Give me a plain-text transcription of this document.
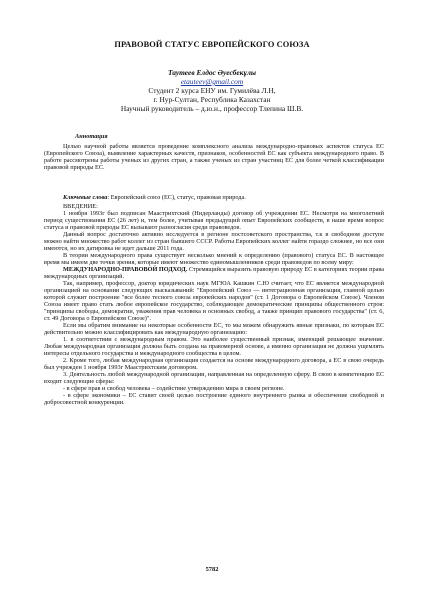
ПРАВОВОЙ СТАТУС ЕВРОПЕЙСКОГО СОЮЗА
Таутеев Елдос Әуесбекұлы
etauteev@gmail.com
Студент 2 курса ЕНУ им. Гумилёва Л.Н,
г. Нур-Султан, Республика Казахстан
Научный руководитель – д.ю.н., профессор Тлепина Ш.В.
Аннотация

Целью научной работы является проведение комплексного анализа международно-правовых аспектов статуса ЕС (Европейского Союза), выявление характерных качеств, признаков, особенностей ЕС как субъекта международного право. В работе рассмотрены работы ученых из других стран, а также ученых из стран участниц ЕС для более четкой классификации правовой природы ЕС.

Ключевые слова: Европейский союз (ЕС), статус, правовая природа.

ВВЕДЕНИЕ:

1 ноября 1993г был подписан Маастрихтский (Нидерланды) договор об учреждении ЕС. Несмотря на многолетний период существования ЕС (26 лет) и, тем более, учитывая предыдущий опыт Европейских сообществ, в наше время вопрос статуса и правовой природы ЕС вызывают разногласия среди правоведов.

Данный вопрос достаточно активно исследуется в регионе постсоветского пространства, т.к в свободном доступе можно найти множество работ коллег из стран бывшего СССР. Работы Европейских коллег найти гораздо сложнее, но все они имеются, но их датировка не идет дальше 2011 года.

В теории международного права существует несколько мнений к определению (правового) статуса ЕС. В настоящее время мы имеем две точки зрения, которые имеют множество единомышленников среди правоведов по всему миру:

МЕЖДУНАРОДНО-ПРАВОВОЙ ПОДХОД. Стремящийся выразить правовую природу ЕС в категориях теории права международных организаций.

Так, например, профессор, доктор юридических наук МГЮА Кашкин С.Ю считает, что ЕС является международной организацией на основании следующих высказываний: "Европейский Союз — интеграционная организация, главной целью которой служит построение "все более тесного союза европейских народов" (ст. 1 Договора о Европейском Союзе). Членом Союза имеет право стать любое европейское государство, соблюдающее демократические принципы общественного строя: "принципы свободы, демократии, уважения прав человека и основных свобод, а также принцип правового государства" (ст. 6, ст. 49 Договора о Европейском Союзе)".

Если мы обратим внимание на некоторые особенности ЕС, то мы можем обнаружить явные признаки, по которым ЕС действительно можно классифицировать как международную организацию:

1. в соответствии с международным правом. Это наиболее существенный признак, имеющий решающее значение. Любая международная организация должна быть создана на правомерной основе, а именно организация не должна ущемлять интересы отдельного государства и международного сообщества в целом.

2. Кроме того, любая международная организация создается на основе международного договора, а ЕС в свою очередь был учрежден 1 ноября 1993г Маастрихтским договором.

3. Деятельность любой международной организации, направленная на определенную сферу. В свою в компетенцию ЕС входит следующие сферы:

- в сфере прав и свобод человека – содействие утверждению мира в своем регионе.

- в сфере экономики – ЕС ставит своей целью построение единого внутреннего рынка и обеспечение свободной и добросовестной конкуренции.

5782
